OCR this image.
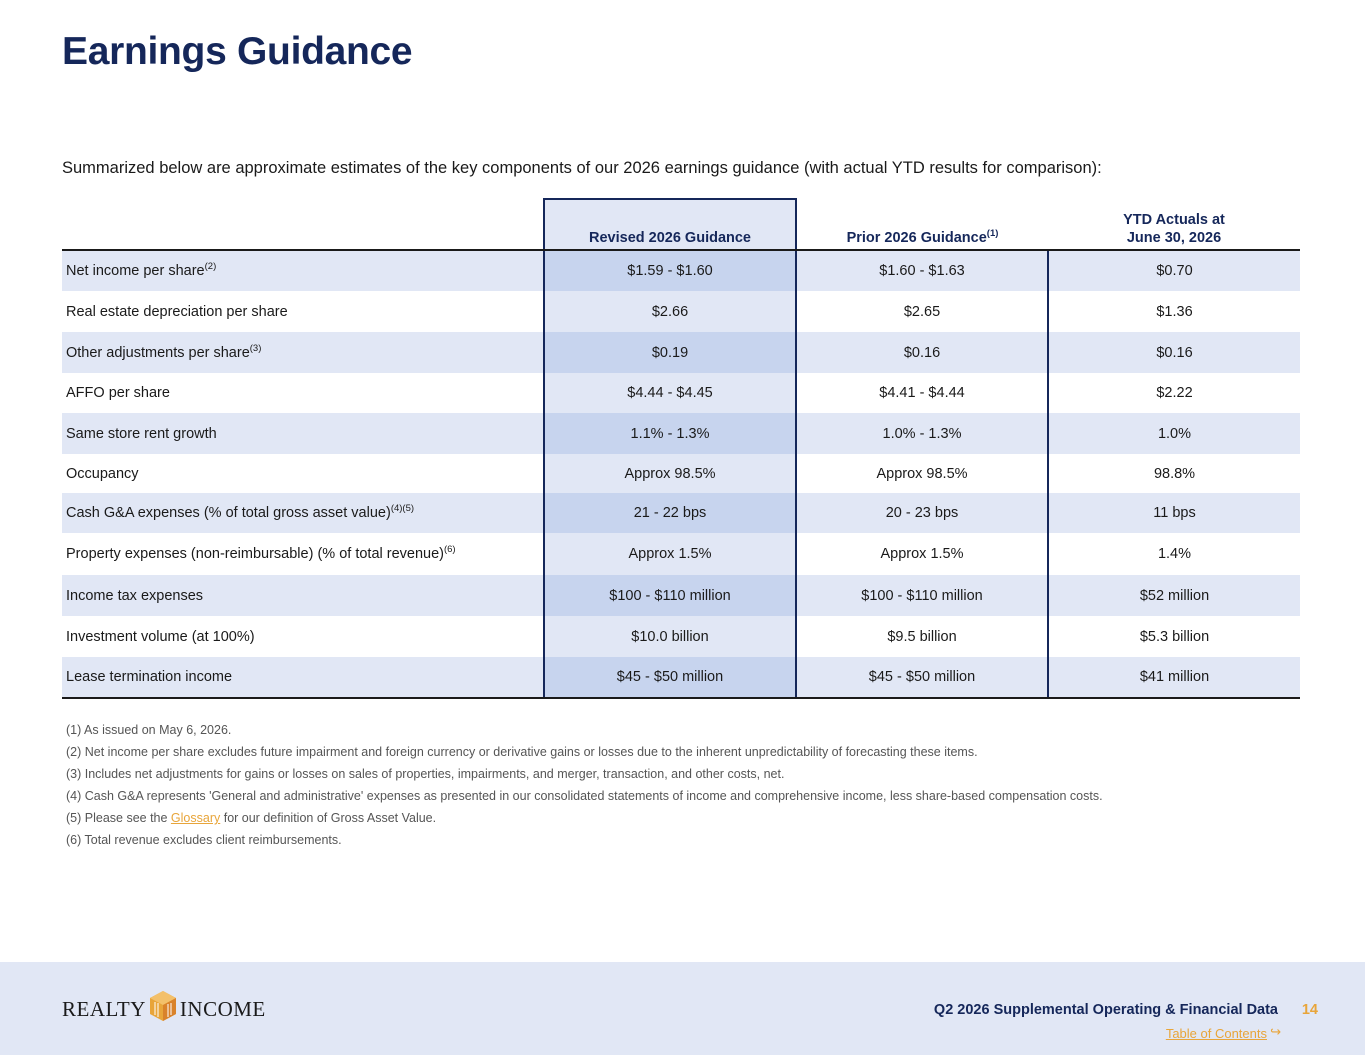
Earnings Guidance
Summarized below are approximate estimates of the key components of our 2026 earnings guidance (with actual YTD results for comparison):
	Revised 2026 Guidance	Prior 2026 Guidance$^{(1)}$	YTD Actuals at
June 30, 2026
Net income per share$^{(2)}$	$1.59 - $1.60	$1.60 - $1.63	$0.70
Real estate depreciation per share	$2.66	$2.65	$1.36
Other adjustments per share$^{(3)}$	$0.19	$0.16	$0.16
AFFO per share	$4.44 - $4.45	$4.41 - $4.44	$2.22
Same store rent growth	1.1% - 1.3%	1.0% - 1.3%	1.0%
Occupancy	Approx 98.5%	Approx 98.5%	98.8%
Cash G&A expenses (% of total gross asset value)$^{(4)(5)}$	21 - 22 bps	20 - 23 bps	11 bps
Property expenses (non-reimbursable) (% of total revenue)$^{(6)}$	Approx 1.5%	Approx 1.5%	1.4%
Income tax expenses	$100 - $110 million	$100 - $110 million	$52 million
Investment volume (at 100%)	$10.0 billion	$9.5 billion	$5.3 billion
Lease termination income	$45 - $50 million	$45 - $50 million	$41 million
(1) As issued on May 6, 2026.
(2) Net income per share excludes future impairment and foreign currency or derivative gains or losses due to the inherent unpredictability of forecasting these items.
(3) Includes net adjustments for gains or losses on sales of properties, impairments, and merger, transaction, and other costs, net.
(4) Cash G&A represents 'General and administrative' expenses as presented in our consolidated statements of income and comprehensive income, less share-based compensation costs.
(5) Please see the Glossary for our definition of Gross Asset Value.
(6) Total revenue excludes client reimbursements.
REALTY INCOME	Q2 2026 Supplemental Operating & Financial Data 14
Table of Contents ↪
